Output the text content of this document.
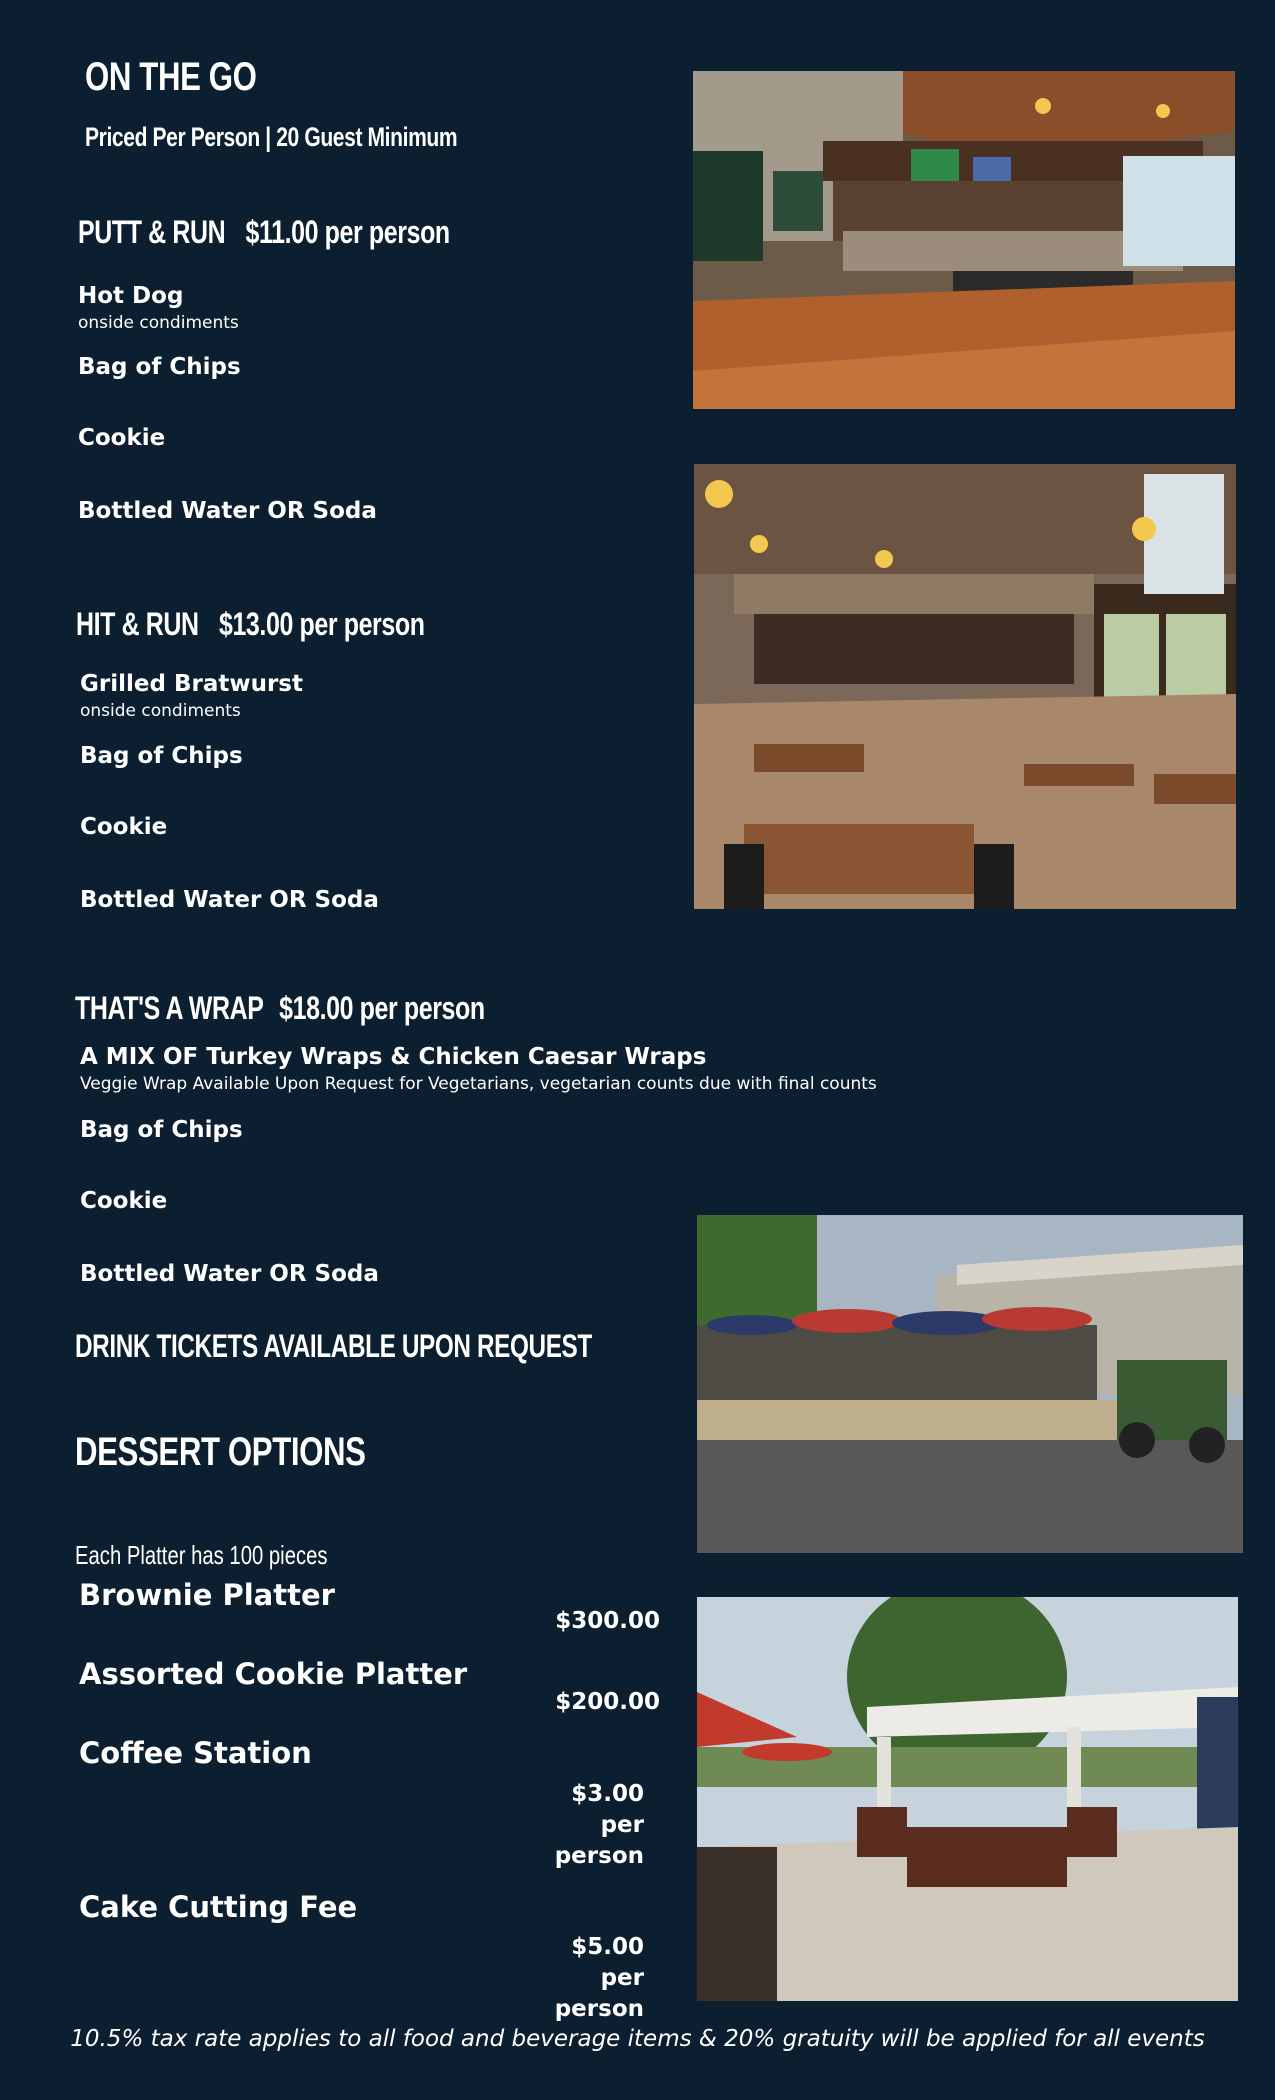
ON THE GO
Priced Per Person | 20 Guest Minimum
PUTT & RUN $11.00 per person
Hot Dog
onside condiments
Bag of Chips
Cookie
Bottled Water OR Soda
HIT & RUN $13.00 per person
Grilled Bratwurst
onside condiments
Bag of Chips
Cookie
Bottled Water OR Soda
THAT'S A WRAP $18.00 per person
A MIX OF Turkey Wraps & Chicken Caesar Wraps
Veggie Wrap Available Upon Request for Vegetarians, vegetarian counts due with final counts
Bag of Chips
Cookie
Bottled Water OR Soda
DRINK TICKETS AVAILABLE UPON REQUEST
DESSERT OPTIONS
Each Platter has 100 pieces
Brownie Platter
$300.00
Assorted Cookie Platter
$200.00
Coffee Station
$3.00
per
person
Cake Cutting Fee
$5.00
per
person
10.5% tax rate applies to all food and beverage items & 20% gratuity will be applied for all events
